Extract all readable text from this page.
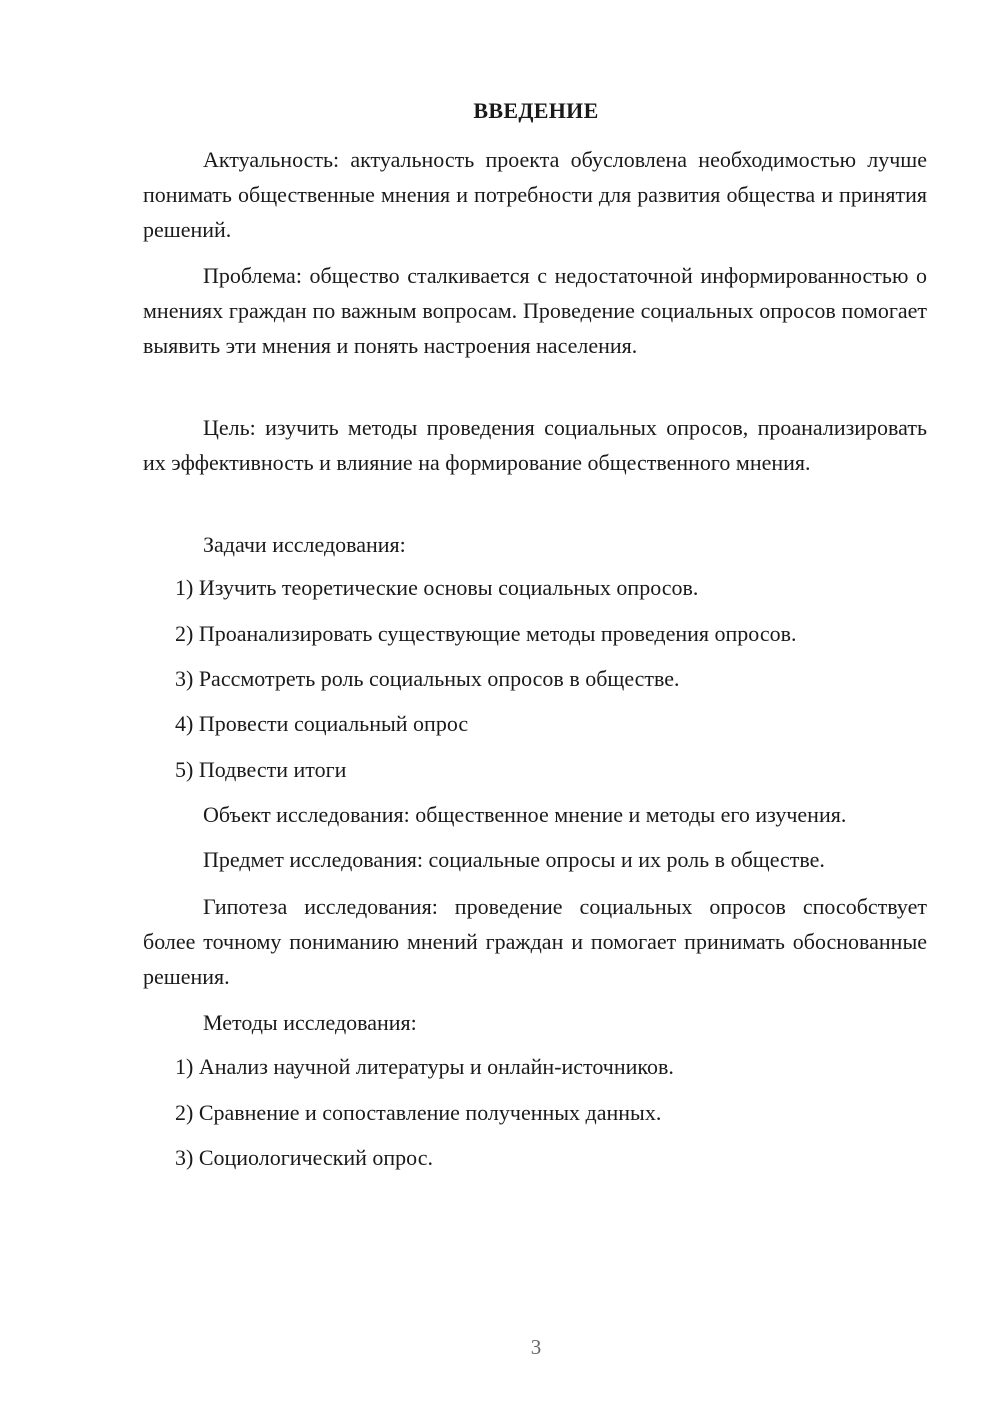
ВВЕДЕНИЕ

Актуальность: актуальность проекта обусловлена необходимостью лучше понимать общественные мнения и потребности для развития общества и принятия решений.

Проблема: общество сталкивается с недостаточной информированностью о мнениях граждан по важным вопросам. Проведение социальных опросов помогает выявить эти мнения и понять настроения населения.

Цель: изучить методы проведения социальных опросов, проанализировать их эффективность и влияние на формирование общественного мнения.

Задачи исследования:

1) Изучить теоретические основы социальных опросов.

2) Проанализировать существующие методы проведения опросов.

3) Рассмотреть роль социальных опросов в обществе.

4) Провести социальный опрос

5) Подвести итоги

Объект исследования: общественное мнение и методы его изучения.

Предмет исследования: социальные опросы и их роль в обществе.

Гипотеза исследования: проведение социальных опросов способствует более точному пониманию мнений граждан и помогает принимать обоснованные решения.

Методы исследования:

1) Анализ научной литературы и онлайн-источников.

2) Сравнение и сопоставление полученных данных.

3) Социологический опрос.

3
